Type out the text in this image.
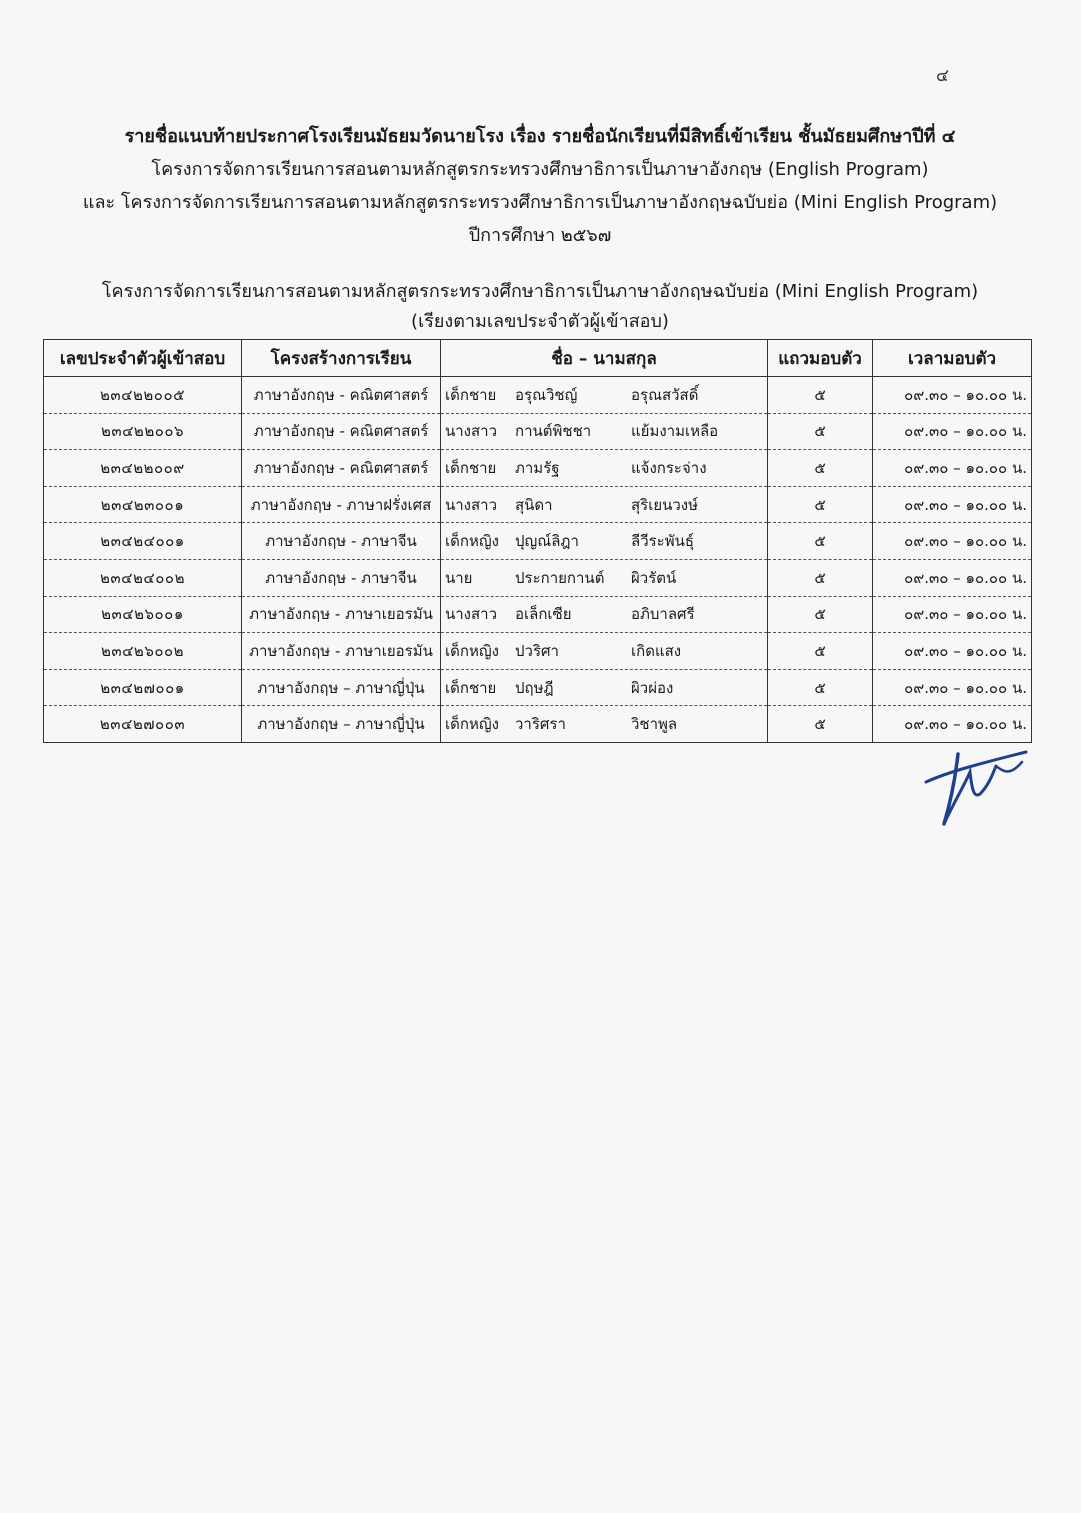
๔
รายชื่อแนบท้ายประกาศโรงเรียนมัธยมวัดนายโรง เรื่อง รายชื่อนักเรียนที่มีสิทธิ์เข้าเรียน ชั้นมัธยมศึกษาปีที่ ๔
โครงการจัดการเรียนการสอนตามหลักสูตรกระทรวงศึกษาธิการเป็นภาษาอังกฤษ (English Program)
และ โครงการจัดการเรียนการสอนตามหลักสูตรกระทรวงศึกษาธิการเป็นภาษาอังกฤษฉบับย่อ (Mini English Program)
ปีการศึกษา ๒๕๖๗
โครงการจัดการเรียนการสอนตามหลักสูตรกระทรวงศึกษาธิการเป็นภาษาอังกฤษฉบับย่อ (Mini English Program)
(เรียงตามเลขประจำตัวผู้เข้าสอบ)
เลขประจำตัวผู้เข้าสอบ	โครงสร้างการเรียน	ชื่อ – นามสกุล	แถวมอบตัว	เวลามอบตัว
๒๓๔๒๒๐๐๕	ภาษาอังกฤษ - คณิตศาสตร์	เด็กชาย อรุณวิชญ์ อรุณสวัสดิ์	๕	๐๙.๓๐ – ๑๐.๐๐ น.
๒๓๔๒๒๐๐๖	ภาษาอังกฤษ - คณิตศาสตร์	นางสาว กานต์พิชชา แย้มงามเหลือ	๕	๐๙.๓๐ – ๑๐.๐๐ น.
๒๓๔๒๒๐๐๙	ภาษาอังกฤษ - คณิตศาสตร์	เด็กชาย ภามรัฐ แจ้งกระจ่าง	๕	๐๙.๓๐ – ๑๐.๐๐ น.
๒๓๔๒๓๐๐๑	ภาษาอังกฤษ - ภาษาฝรั่งเศส	นางสาว สุนิดา สุริเยนวงษ์	๕	๐๙.๓๐ – ๑๐.๐๐ น.
๒๓๔๒๔๐๐๑	ภาษาอังกฤษ - ภาษาจีน	เด็กหญิง ปุญณ์ลิฎา ลีวีระพันธุ์	๕	๐๙.๓๐ – ๑๐.๐๐ น.
๒๓๔๒๔๐๐๒	ภาษาอังกฤษ - ภาษาจีน	นาย ประกายกานต์ ผิวรัตน์	๕	๐๙.๓๐ – ๑๐.๐๐ น.
๒๓๔๒๖๐๐๑	ภาษาอังกฤษ - ภาษาเยอรมัน	นางสาว อเล็กเซีย อภิบาลศรี	๕	๐๙.๓๐ – ๑๐.๐๐ น.
๒๓๔๒๖๐๐๒	ภาษาอังกฤษ - ภาษาเยอรมัน	เด็กหญิง ปวริศา เกิดแสง	๕	๐๙.๓๐ – ๑๐.๐๐ น.
๒๓๔๒๗๐๐๑	ภาษาอังกฤษ – ภาษาญี่ปุ่น	เด็กชาย ปฤษฎี ผิวผ่อง	๕	๐๙.๓๐ – ๑๐.๐๐ น.
๒๓๔๒๗๐๐๓	ภาษาอังกฤษ – ภาษาญี่ปุ่น	เด็กหญิง วาริศรา วิชาพูล	๕	๐๙.๓๐ – ๑๐.๐๐ น.
